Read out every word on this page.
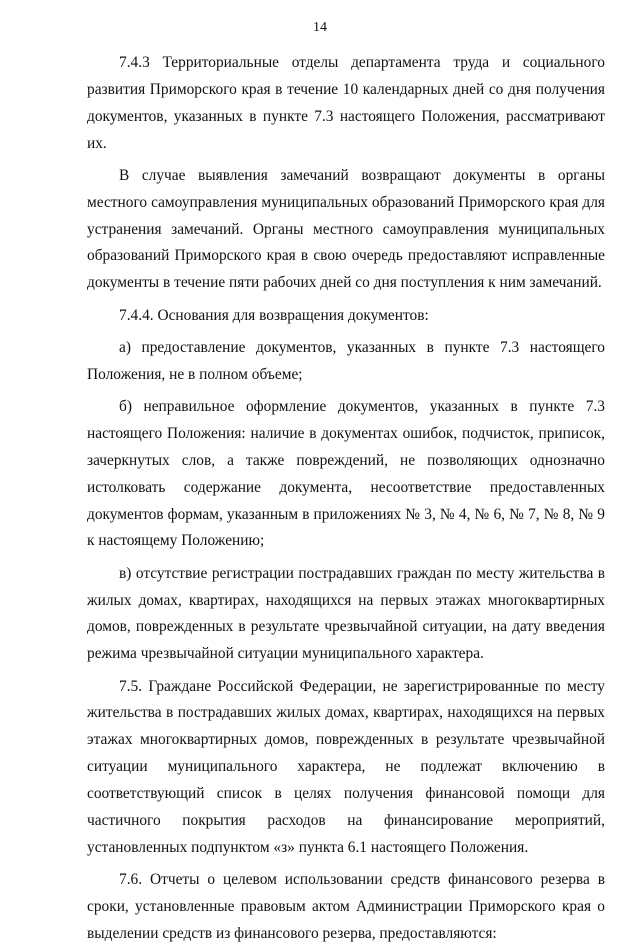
14

7.4.3 Территориальные отделы департамента труда и социального развития Приморского края в течение 10 календарных дней со дня получения документов, указанных в пункте 7.3 настоящего Положения, рассматривают их.

В случае выявления замечаний возвращают документы в органы местного самоуправления муниципальных образований Приморского края для устранения замечаний. Органы местного самоуправления муниципальных образований Приморского края в свою очередь предоставляют исправленные документы в течение пяти рабочих дней со дня поступления к ним замечаний.

7.4.4. Основания для возвращения документов:

а) предоставление документов, указанных в пункте 7.3 настоящего Положения, не в полном объеме;

б) неправильное оформление документов, указанных в пункте 7.3 настоящего Положения: наличие в документах ошибок, подчисток, приписок, зачеркнутых слов, а также повреждений, не позволяющих однозначно истолковать содержание документа, несоответствие предоставленных документов формам, указанным в приложениях № 3, № 4, № 6, № 7, № 8, № 9 к настоящему Положению;

в) отсутствие регистрации пострадавших граждан по месту жительства в жилых домах, квартирах, находящихся на первых этажах многоквартирных домов, поврежденных в результате чрезвычайной ситуации, на дату введения режима чрезвычайной ситуации муниципального характера.

7.5. Граждане Российской Федерации, не зарегистрированные по месту жительства в пострадавших жилых домах, квартирах, находящихся на первых этажах многоквартирных домов, поврежденных в результате чрезвычайной ситуации муниципального характера, не подлежат включению в соответствующий список в целях получения финансовой помощи для частичного покрытия расходов на финансирование мероприятий, установленных подпунктом «з» пункта 6.1 настоящего Положения.

7.6. Отчеты о целевом использовании средств финансового резерва в сроки, установленные правовым актом Администрации Приморского края о выделении средств из финансового резерва, предоставляются:
